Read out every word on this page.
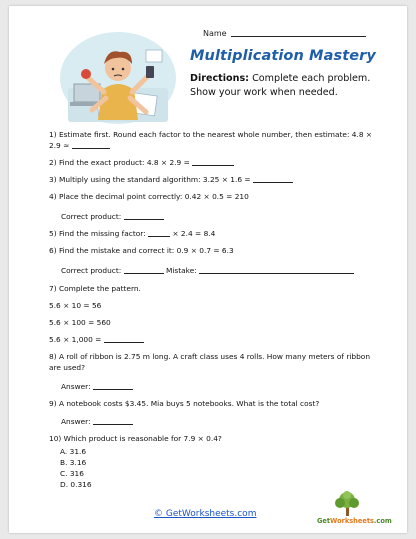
Name
Multiplication Mastery
Directions: Complete each problem. Show your work when needed.
1) Estimate first. Round each factor to the nearest whole number, then estimate: 4.8 × 2.9 ≈
2) Find the exact product: 4.8 × 2.9 =
3) Multiply using the standard algorithm: 3.25 × 1.6 =
4) Place the decimal point correctly: 0.42 × 0.5 = 210
Correct product:
5) Find the missing factor:	× 2.4 = 8.4
6) Find the mistake and correct it: 0.9 × 0.7 = 6.3
Correct product:	Mistake:
7) Complete the pattern.
5.6 × 10 = 56
5.6 × 100 = 560
5.6 × 1,000 =
8) A roll of ribbon is 2.75 m long. A craft class uses 4 rolls. How many meters of ribbon are used?
Answer:
9) A notebook costs $3.45. Mia buys 5 notebooks. What is the total cost?
Answer:
10) Which product is reasonable for 7.9 × 0.4?
A. 31.6
B. 3.16
C. 316
D. 0.316
© GetWorksheets.com
GetWorksheets.com
